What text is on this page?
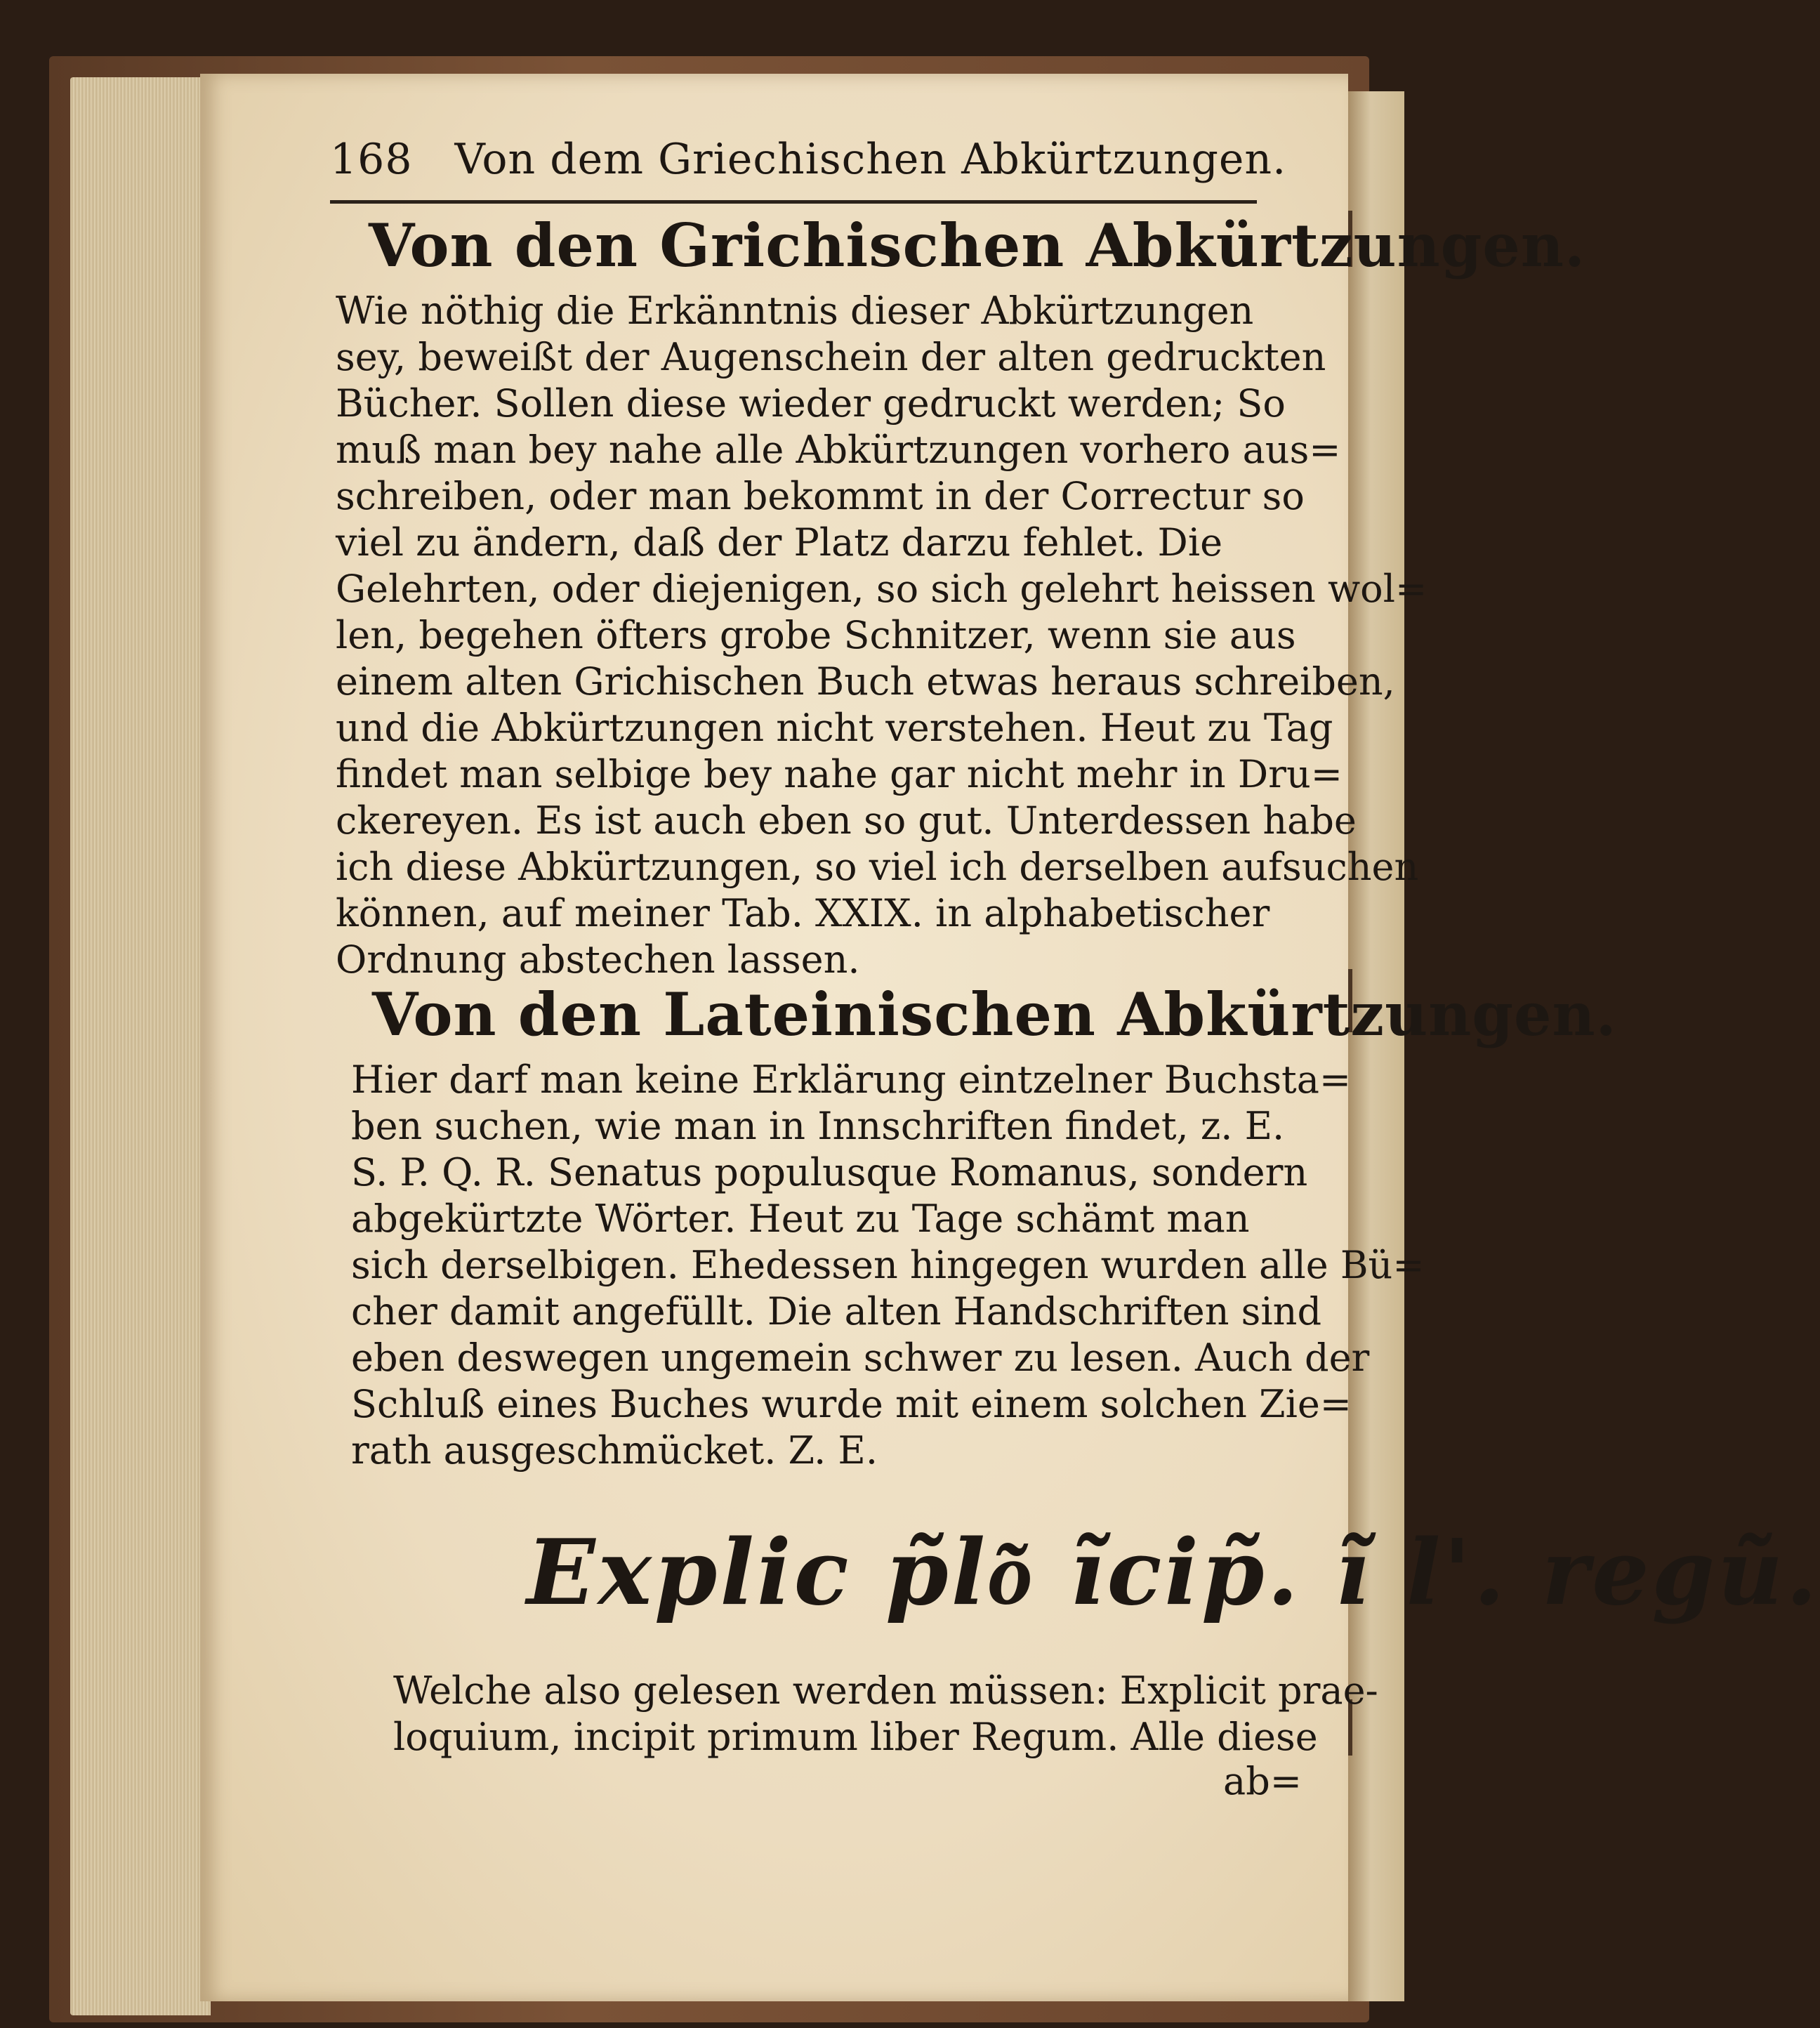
168 Von dem Griechischen Abkürtzungen.
Von den Grichischen Abkürtzungen.

Wie nöthig die Erkänntnis dieser Abkürtzungen

sey, beweißt der Augenschein der alten gedruckten

Bücher. Sollen diese wieder gedruckt werden; So

muß man bey nahe alle Abkürtzungen vorhero aus=

schreiben, oder man bekommt in der Correctur so

viel zu ändern, daß der Platz darzu fehlet. Die

Gelehrten, oder diejenigen, so sich gelehrt heissen wol=

len, begehen öfters grobe Schnitzer, wenn sie aus

einem alten Grichischen Buch etwas heraus schreiben,

und die Abkürtzungen nicht verstehen. Heut zu Tag

findet man selbige bey nahe gar nicht mehr in Dru=

ckereyen. Es ist auch eben so gut. Unterdessen habe

ich diese Abkürtzungen, so viel ich derselben aufsuchen

können, auf meiner Tab. XXIX. in alphabetischer

Ordnung abstechen lassen.

Von den Lateinischen Abkürtzungen.

Hier darf man keine Erklärung eintzelner Buchsta=

ben suchen, wie man in Innschriften findet, z. E.

S. P. Q. R. Senatus populusque Romanus, sondern

abgekürtzte Wörter. Heut zu Tage schämt man

sich derselbigen. Ehedessen hingegen wurden alle Bü=

cher damit angefüllt. Die alten Handschriften sind

eben deswegen ungemein schwer zu lesen. Auch der

Schluß eines Buches wurde mit einem solchen Zie=

rath ausgeschmücket. Z. E.

Explic p̃lo͂ ĩcip̃. ĩ l'. regũ.

Welche also gelesen werden müssen: Explicit prae-

loquium, incipit primum liber Regum. Alle diese

ab=
